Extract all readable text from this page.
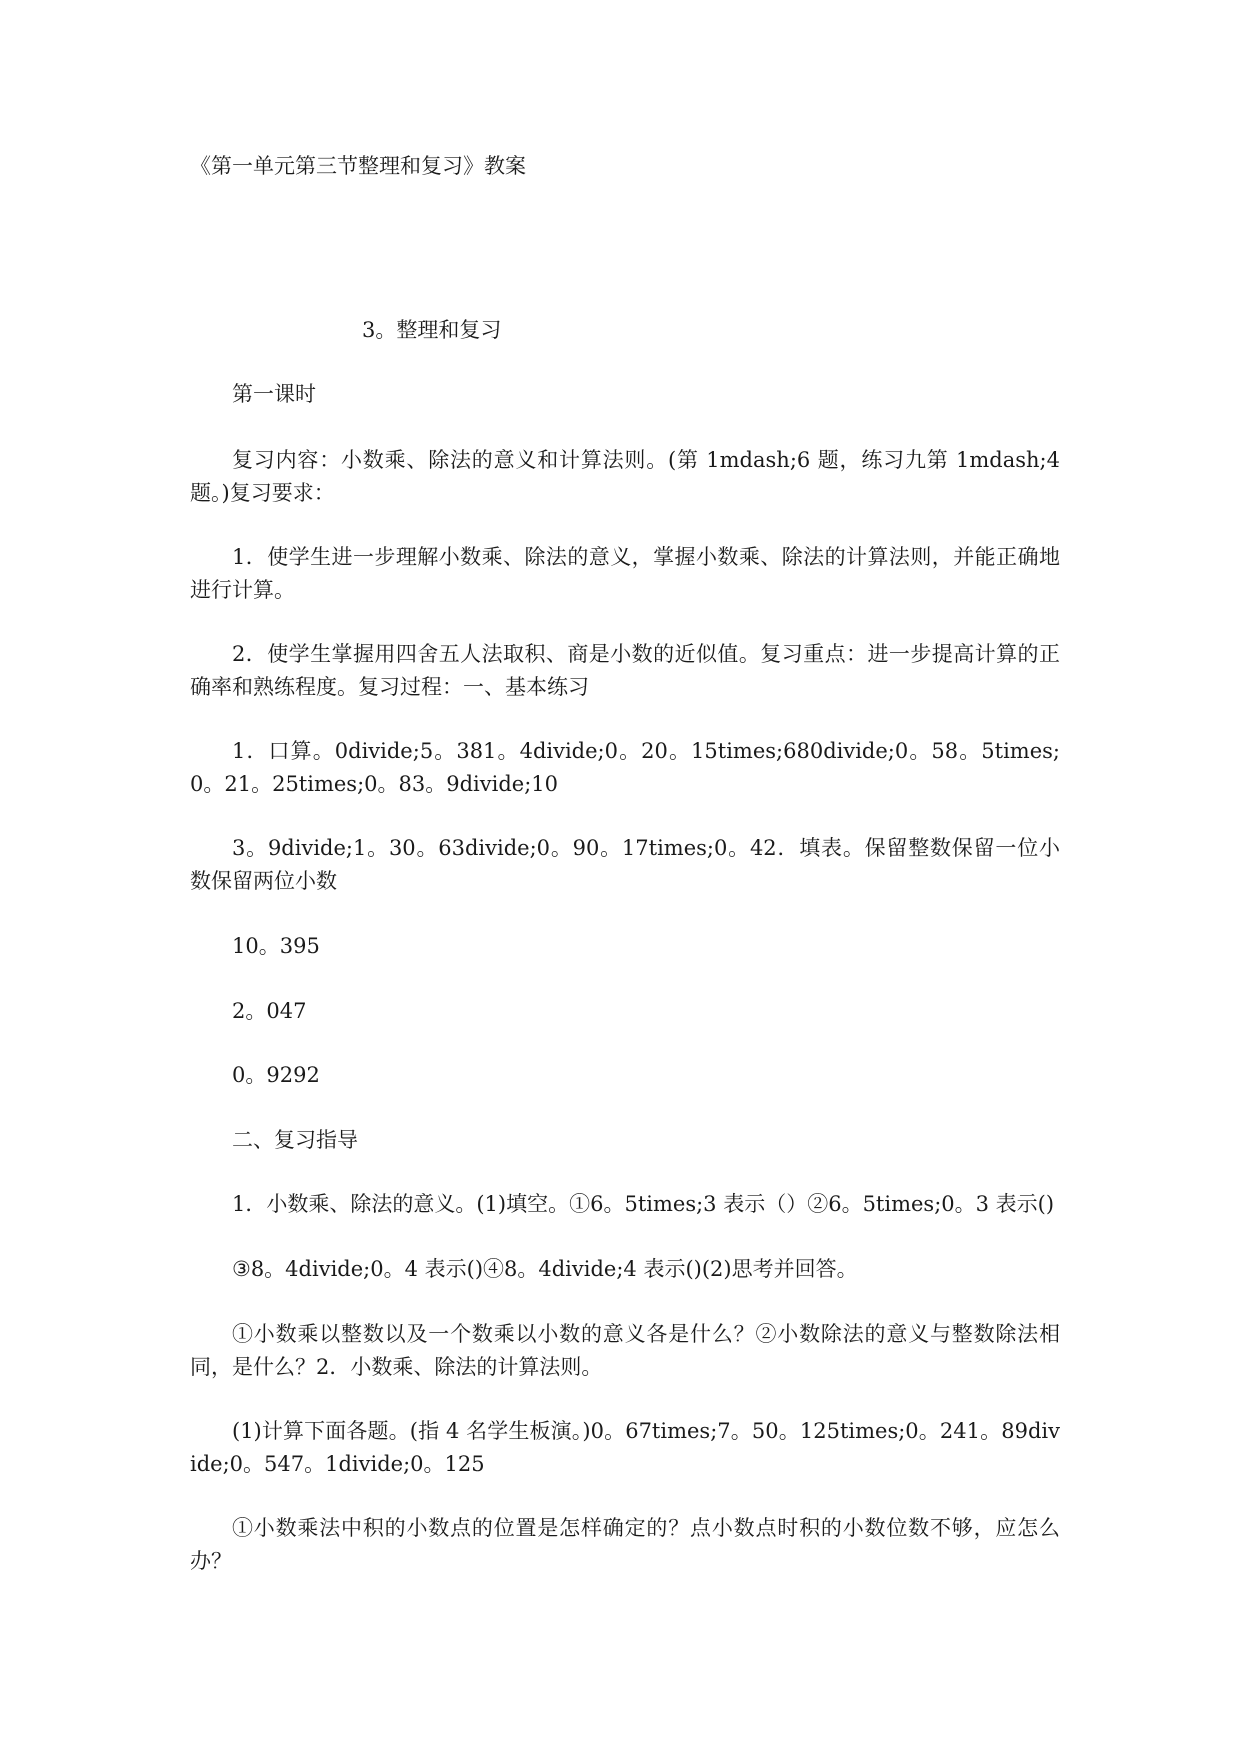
《第一单元第三节整理和复习》教案

3。整理和复习

第一课时

复习内容：小数乘、除法的意义和计算法则。(第 1mdash;6 题，练习九第 1mdash;4 题。)复习要求：

1．使学生进一步理解小数乘、除法的意义，掌握小数乘、除法的计算法则，并能正确地进行计算。

2．使学生掌握用四舍五人法取积、商是小数的近似值。复习重点：进一步提高计算的正确率和熟练程度。复习过程：一、基本练习

1．口算。0divide;5。381。4divide;0。20。15times;680divide;0。58。5times;0。21。25times;0。83。9divide;10

3。9divide;1。30。63divide;0。90。17times;0。42．填表。保留整数保留一位小数保留两位小数

10。395

2。047

0。9292

二、复习指导

1．小数乘、除法的意义。(1)填空。①6。5times;3 表示（）②6。5times;0。3 表示()

③8。4divide;0。4 表示()④8。4divide;4 表示()(2)思考并回答。

①小数乘以整数以及一个数乘以小数的意义各是什么？②小数除法的意义与整数除法相同，是什么？2．小数乘、除法的计算法则。

(1)计算下面各题。(指 4 名学生板演。)0。67times;7。50。125times;0。241。89divide;0。547。1divide;0。125

①小数乘法中积的小数点的位置是怎样确定的？点小数点时积的小数位数不够，应怎么办？
